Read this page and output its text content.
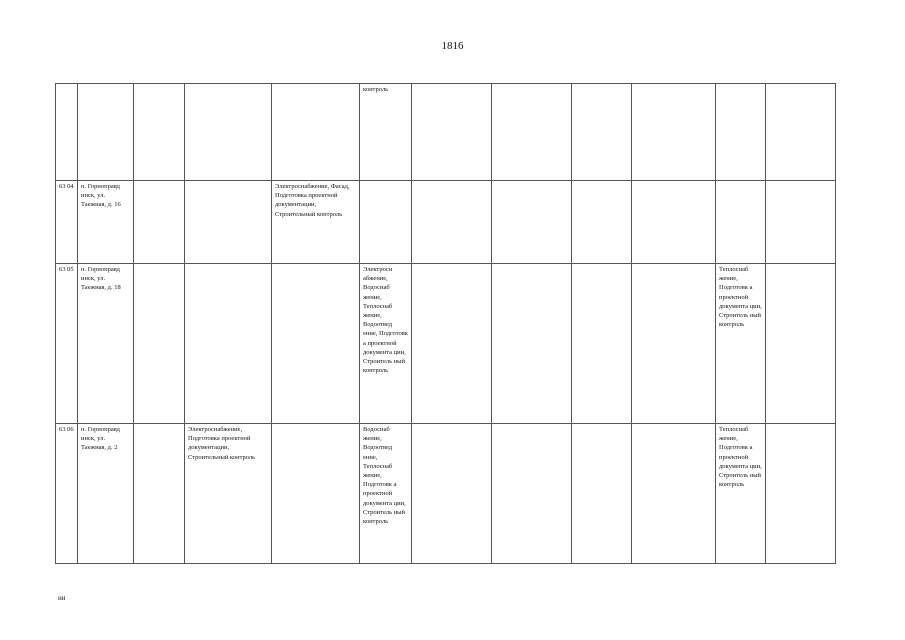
1816
					контроль						
63 04	п. Горноправд инск, ул. Таежная, д. 16			Электроснабжение, Фасад, Подготовка проектной документации, Строительный контроль							
63 05	п. Горноправд инск, ул. Таежная, д. 18				Электросн абжение, Водоснаб жение, Теплоснаб жение, Водоотвед ение, Подготовк а проектной документа ции, Строитель ный контроль					Теплоснаб жение, Подготовк а проектной документа ции, Строитель ный контроль	
63 06	п. Горноправд инск, ул. Таежная, д. 2		Электроснабжение, Подготовка проектной документации, Строительный контроль		Водоснаб жение, Водоотвед ение, Теплоснаб жение, Подготовк а проектной документа ции, Строитель ный контроль					Теплоснаб жение, Подготовк а проектной документа ции, Строитель ный контроль	
ии
